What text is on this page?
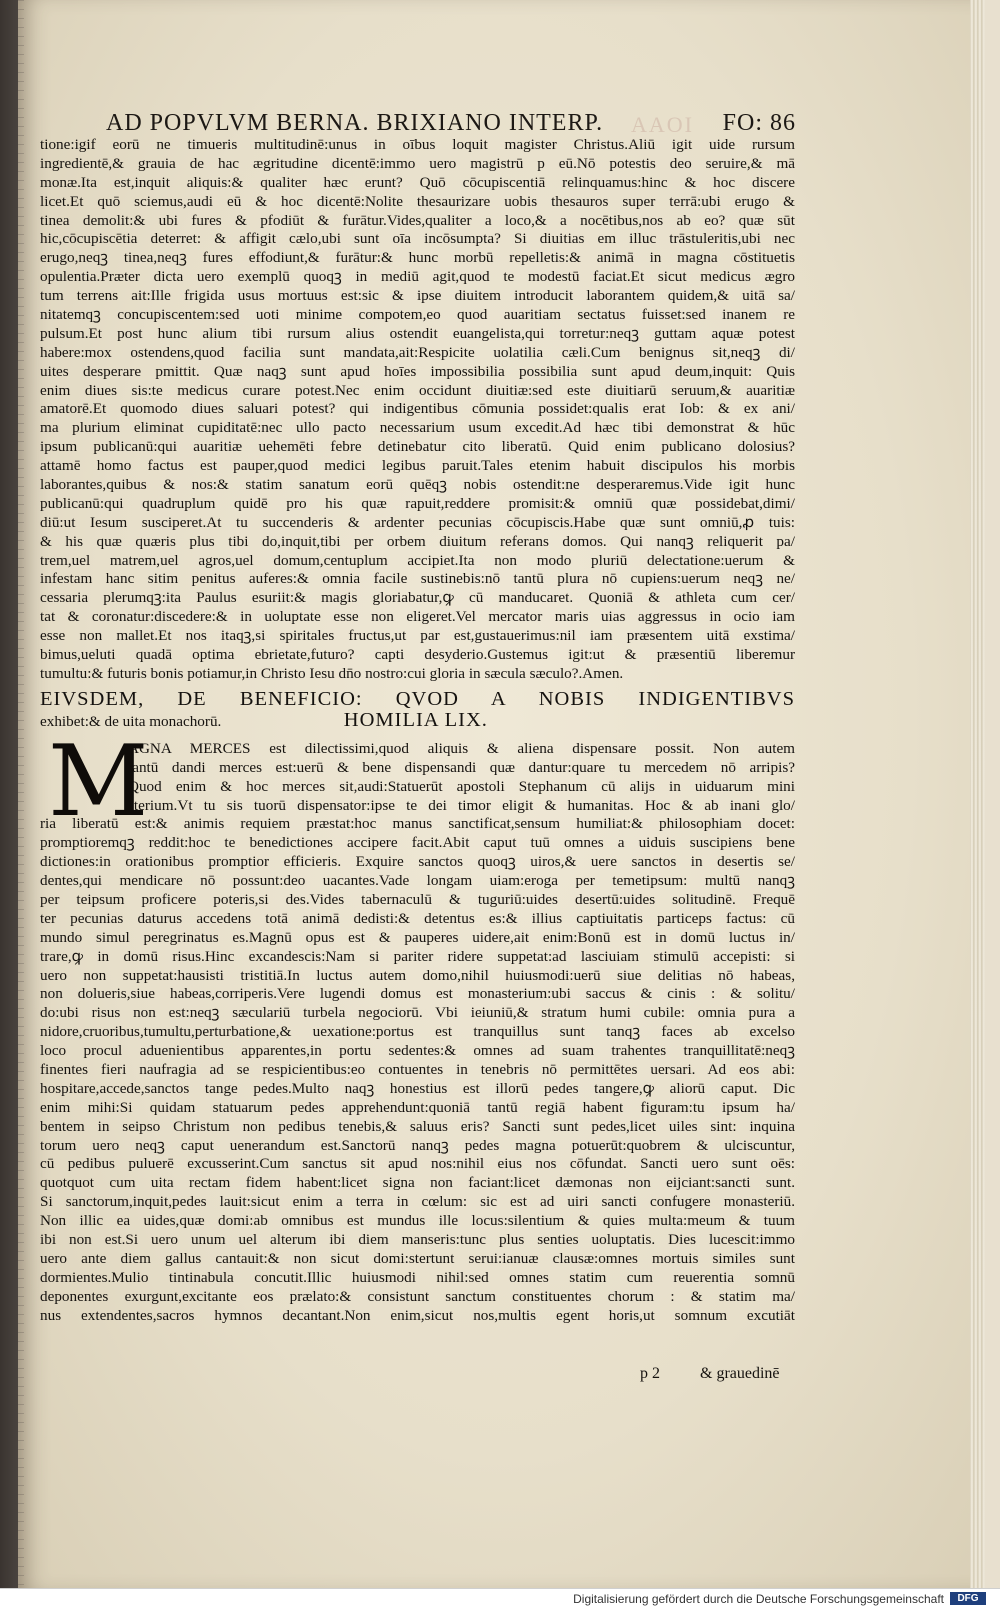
AD POPVLVM BERNA. BRIXIANO INTERP. AAOI FO: 86
tione:igif eorū ne timueris multitudinē:unus in oībus loquit magister Christus.Aliū igit uide rursum
ingredientē,& grauia de hac ægritudine dicentē:immo uero magistrū p eū.Nō potestis deo seruire,& mā
monæ.Ita est,inquit aliquis:& qualiter hæc erunt? Quō cōcupiscentiā relinquamus:hinc & hoc discere
licet.Et quō sciemus,audi eū & hoc dicentē:Nolite thesaurizare uobis thesauros super terrā:ubi erugo &
tinea demolit:& ubi fures & pfodiūt & furātur.Vides,qualiter a loco,& a nocētibus,nos ab eo? quæ sūt
hic,cōcupiscētia deterret: & affigit cælo,ubi sunt oīa incōsumpta? Si diuitias em illuc trāstuleritis,ubi nec
erugo,neqꝫ tinea,neqꝫ fures effodiunt,& furātur:& hunc morbū repelletis:& animā in magna cōstituetis
opulentia.Præter dicta uero exemplū quoqꝫ in mediū agit,quod te modestū faciat.Et sicut medicus ægro
tum terrens ait:Ille frigida usus mortuus est:sic & ipse diuitem introducit laborantem quidem,& uitā sa/
nitatemqꝫ concupiscentem:sed uoti minime compotem,eo quod auaritiam sectatus fuisset:sed inanem re
pulsum.Et post hunc alium tibi rursum alius ostendit euangelista,qui torretur:neqꝫ guttam aquæ potest
habere:mox ostendens,quod facilia sunt mandata,ait:Respicite uolatilia cæli.Cum benignus sit,neqꝫ di/
uites desperare pmittit. Quæ naqꝫ sunt apud hoīes impossibilia possibilia sunt apud deum,inquit: Quis
enim diues sis:te medicus curare potest.Nec enim occidunt diuitiæ:sed este diuitiarū seruum,& auaritiæ
amatorē.Et quomodo diues saluari potest? qui indigentibus cōmunia possidet:qualis erat Iob: & ex ani/
ma plurium eliminat cupiditatē:nec ullo pacto necessarium usum excedit.Ad hæc tibi demonstrat & hūc
ipsum publicanū:qui auaritiæ uehemēti febre detinebatur cito liberatū. Quid enim publicano dolosius?
attamē homo factus est pauper,quod medici legibus paruit.Tales etenim habuit discipulos his morbis
laborantes,quibus & nos:& statim sanatum eorū quēqꝫ nobis ostendit:ne desperaremus.Vide igit hunc
publicanū:qui quadruplum quidē pro his quæ rapuit,reddere promisit:& omniū quæ possidebat,dimi/
diū:ut Iesum susciperet.At tu succenderis & ardenter pecunias cōcupiscis.Habe quæ sunt omniū,ꝓ tuis:
& his quæ quæris plus tibi do,inquit,tibi per orbem diuitum referans domos. Qui nanqꝫ reliquerit pa/
trem,uel matrem,uel agros,uel domum,centuplum accipiet.Ita non modo pluriū delectatione:uerum &
infestam hanc sitim penitus auferes:& omnia facile sustinebis:nō tantū plura nō cupiens:uerum neqꝫ ne/
cessaria plerumqꝫ:ita Paulus esuriit:& magis gloriabatur,ꝙ cū manducaret. Quoniā & athleta cum cer/
tat & coronatur:discedere:& in uoluptate esse non eligeret.Vel mercator maris uias aggressus in ocio iam
esse non mallet.Et nos itaqꝫ,si spiritales fructus,ut par est,gustauerimus:nil iam præsentem uitā exstima/
bimus,ueluti quadā optima ebrietate,futuro? capti desyderio.Gustemus igit:ut & præsentiū liberemur
tumultu:& futuris bonis potiamur,in Christo Iesu dn̄o nostro:cui gloria in sæcula sæculo?.Amen.
EIVSDEM, DE BENEFICIO: QVOD A NOBIS INDIGENTIBVS
exhibet:& de uita monachorū.	HOMILIA LIX.
M
AGNA MERCES est dilectissimi,quod aliquis & aliena dispensare possit. Non autem
tantū dandi merces est:uerū & bene dispensandi quæ dantur:quare tu mercedem nō arripis?
Quod enim & hoc merces sit,audi:Statuerūt apostoli Stephanum cū alijs in uiduarum mini
sterium.Vt tu sis tuorū dispensator:ipse te dei timor eligit & humanitas. Hoc & ab inani glo/
ria liberatū est:& animis requiem præstat:hoc manus sanctificat,sensum humiliat:& philosophiam docet:
promptioremqꝫ reddit:hoc te benedictiones accipere facit.Abit caput tuū omnes a uiduis suscipiens bene
dictiones:in orationibus promptior efficieris. Exquire sanctos quoqꝫ uiros,& uere sanctos in desertis se/
dentes,qui mendicare nō possunt:deo uacantes.Vade longam uiam:eroga per temetipsum: multū nanqꝫ
per teipsum proficere poteris,si des.Vides tabernaculū & tuguriū:uides desertū:uides solitudinē. Frequē
ter pecunias daturus accedens totā animā dedisti:& detentus es:& illius captiuitatis particeps factus: cū
mundo simul peregrinatus es.Magnū opus est & pauperes uidere,ait enim:Bonū est in domū luctus in/
trare,ꝙ in domū risus.Hinc excandescis:Nam si pariter ridere suppetat:ad lasciuiam stimulū accepisti: si
uero non suppetat:hausisti tristitiā.In luctus autem domo,nihil huiusmodi:uerū siue delitias nō habeas,
non dolueris,siue habeas,corriperis.Vere lugendi domus est monasterium:ubi saccus & cinis : & solitu/
do:ubi risus non est:neqꝫ sæculariū turbela negociorū. Vbi ieiuniū,& stratum humi cubile: omnia pura a
nidore,cruoribus,tumultu,perturbatione,& uexatione:portus est tranquillus sunt tanqꝫ faces ab excelso
loco procul aduenientibus apparentes,in portu sedentes:& omnes ad suam trahentes tranquillitatē:neqꝫ
finentes fieri naufragia ad se respicientibus:eo contuentes in tenebris nō permittētes uersari. Ad eos abi:
hospitare,accede,sanctos tange pedes.Multo naqꝫ honestius est illorū pedes tangere,ꝙ aliorū caput. Dic
enim mihi:Si quidam statuarum pedes apprehendunt:quoniā tantū regiā habent figuram:tu ipsum ha/
bentem in seipso Christum non pedibus tenebis,& saluus eris? Sancti sunt pedes,licet uiles sint: inquina
torum uero neqꝫ caput uenerandum est.Sanctorū nanqꝫ pedes magna potuerūt:quobrem & ulciscuntur,
cū pedibus puluerē excusserint.Cum sanctus sit apud nos:nihil eius nos cōfundat. Sancti uero sunt oēs:
quotquot cum uita rectam fidem habent:licet signa non faciant:licet dæmonas non eijciant:sancti sunt.
Si sanctorum,inquit,pedes lauit:sicut enim a terra in cœlum: sic est ad uiri sancti confugere monasteriū.
Non illic ea uides,quæ domi:ab omnibus est mundus ille locus:silentium & quies multa:meum & tuum
ibi non est.Si uero unum uel alterum ibi diem manseris:tunc plus senties uoluptatis. Dies lucescit:immo
uero ante diem gallus cantauit:& non sicut domi:stertunt serui:ianuæ clausæ:omnes mortuis similes sunt
dormientes.Mulio tintinabula concutit.Illic huiusmodi nihil:sed omnes statim cum reuerentia somnū
deponentes exurgunt,excitante eos prælato:& consistunt sanctum constituentes chorum : & statim ma/
nus extendentes,sacros hymnos decantant.Non enim,sicut nos,multis egent horis,ut somnum excutiāt
p 2	& grauedinē
Digitalisierung gefördert durch die Deutsche Forschungsgemeinschaft	DFG
